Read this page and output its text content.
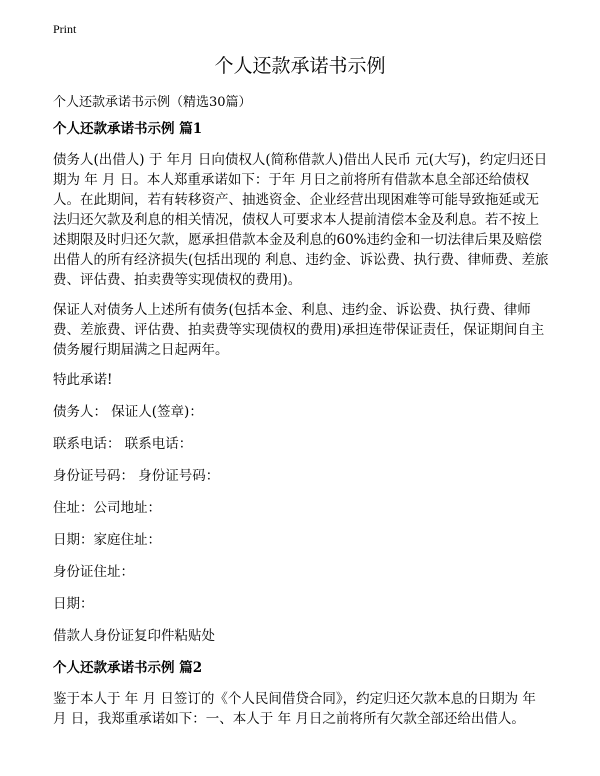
Print
个人还款承诺书示例

个人还款承诺书示例（精选30篇）

个人还款承诺书示例 篇1

债务人(出借人) 于 年月 日向债权人(简称借款人)借出人民币 元(大写)，约定归还日期为 年 月 日。本人郑重承诺如下：于年 月日之前将所有借款本息全部还给债权人。在此期间，若有转移资产、抽逃资金、企业经营出现困难等可能导致拖延或无法归还欠款及利息的相关情况，债权人可要求本人提前清偿本金及利息。若不按上述期限及时归还欠款，愿承担借款本金及利息的60%违约金和一切法律后果及赔偿出借人的所有经济损失(包括出现的 利息、违约金、诉讼费、执行费、律师费、差旅费、评估费、拍卖费等实现债权的费用)。

保证人对债务人上述所有债务(包括本金、利息、违约金、诉讼费、执行费、律师费、差旅费、评估费、拍卖费等实现债权的费用)承担连带保证责任，保证期间自主债务履行期届满之日起两年。

特此承诺!

债务人： 保证人(签章)：

联系电话： 联系电话：

身份证号码： 身份证号码：

住址：公司地址：

日期：家庭住址：

身份证住址：

日期：

借款人身份证复印件粘贴处

个人还款承诺书示例 篇2

鉴于本人于 年 月 日签订的《个人民间借贷合同》，约定归还欠款本息的日期为 年 月 日，我郑重承诺如下：一、本人于 年 月日之前将所有欠款全部还给出借人。
